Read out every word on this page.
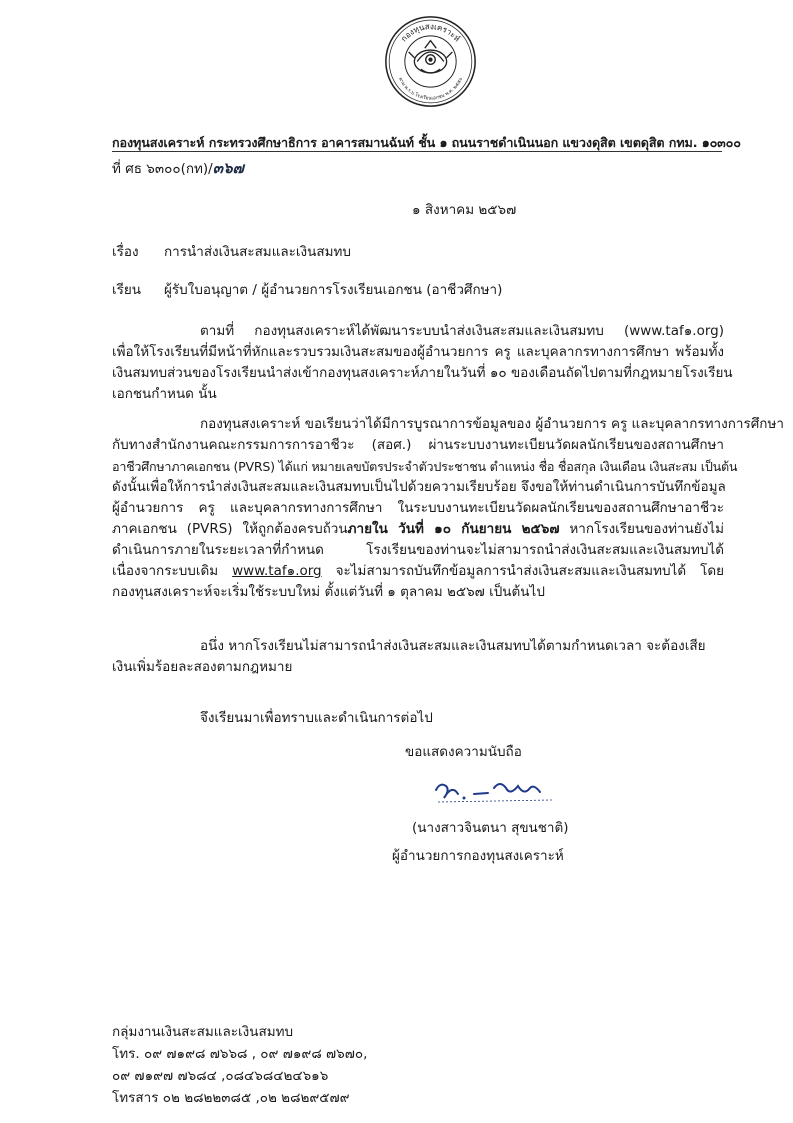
กองทุนสงเคราะห์
ตาม พ.ร.บ.โรงเรียนเอกชน พ.ศ. ๒๕๕๐
กองทุนสงเคราะห์ กระทรวงศึกษาธิการ อาคารสมานฉันท์ ชั้น ๑ ถนนราชดำเนินนอก แขวงดุสิต เขตดุสิต กทม. ๑๐๓๐๐
ที่ ศธ ๖๓๐๐(กท)/๓๖๗
๑ สิงหาคม ๒๕๖๗
เรื่อง การนำส่งเงินสะสมและเงินสมทบ
เรียน ผู้รับใบอนุญาต / ผู้อำนวยการโรงเรียนเอกชน (อาชีวศึกษา)
ตามที่ กองทุนสงเคราะห์ได้พัฒนาระบบนำส่งเงินสะสมและเงินสมทบ (www.taf๑.org)
เพื่อให้โรงเรียนที่มีหน้าที่หักและรวบรวมเงินสะสมของผู้อำนวยการ ครู และบุคลากรทางการศึกษา พร้อมทั้ง
เงินสมทบส่วนของโรงเรียนนำส่งเข้ากองทุนสงเคราะห์ภายในวันที่ ๑๐ ของเดือนถัดไปตามที่กฎหมายโรงเรียน
เอกชนกำหนด นั้น
กองทุนสงเคราะห์ ขอเรียนว่าได้มีการบูรณาการข้อมูลของ ผู้อำนวยการ ครู และบุคลากรทางการศึกษา
กับทางสำนักงานคณะกรรมการการอาชีวะ (สอศ.) ผ่านระบบงานทะเบียนวัดผลนักเรียนของสถานศึกษา
อาชีวศึกษาภาคเอกชน (PVRS) ได้แก่ หมายเลขบัตรประจำตัวประชาชน ตำแหน่ง ชื่อ ชื่อสกุล เงินเดือน เงินสะสม เป็นต้น
ดังนั้นเพื่อให้การนำส่งเงินสะสมและเงินสมทบเป็นไปด้วยความเรียบร้อย จึงขอให้ท่านดำเนินการบันทึกข้อมูล
ผู้อำนวยการ ครู และบุคลากรทางการศึกษา ในระบบงานทะเบียนวัดผลนักเรียนของสถานศึกษาอาชีวะ
ภาคเอกชน (PVRS) ให้ถูกต้องครบถ้วนภายใน วันที่ ๑๐ กันยายน ๒๕๖๗ หากโรงเรียนของท่านยังไม่
ดำเนินการภายในระยะเวลาที่กำหนด โรงเรียนของท่านจะไม่สามารถนำส่งเงินสะสมและเงินสมทบได้
เนื่องจากระบบเดิม www.taf๑.org จะไม่สามารถบันทึกข้อมูลการนำส่งเงินสะสมและเงินสมทบได้ โดย
กองทุนสงเคราะห์จะเริ่มใช้ระบบใหม่ ตั้งแต่วันที่ ๑ ตุลาคม ๒๕๖๗ เป็นต้นไป
อนึ่ง หากโรงเรียนไม่สามารถนำส่งเงินสะสมและเงินสมทบได้ตามกำหนดเวลา จะต้องเสีย
เงินเพิ่มร้อยละสองตามกฎหมาย
จึงเรียนมาเพื่อทราบและดำเนินการต่อไป
ขอแสดงความนับถือ
(นางสาวจินตนา สุขนชาติ)
ผู้อำนวยการกองทุนสงเคราะห์
กลุ่มงานเงินสะสมและเงินสมทบ
โทร. ๐๙ ๗๑๙๘ ๗๖๖๘ , ๐๙ ๗๑๙๘ ๗๖๗๐,
๐๙ ๗๑๙๗ ๗๖๘๔ ,๐๘๔๖๘๔๒๔๖๑๖
โทรสาร ๐๒ ๒๘๒๒๓๘๕ ,๐๒ ๒๘๒๙๕๗๙
